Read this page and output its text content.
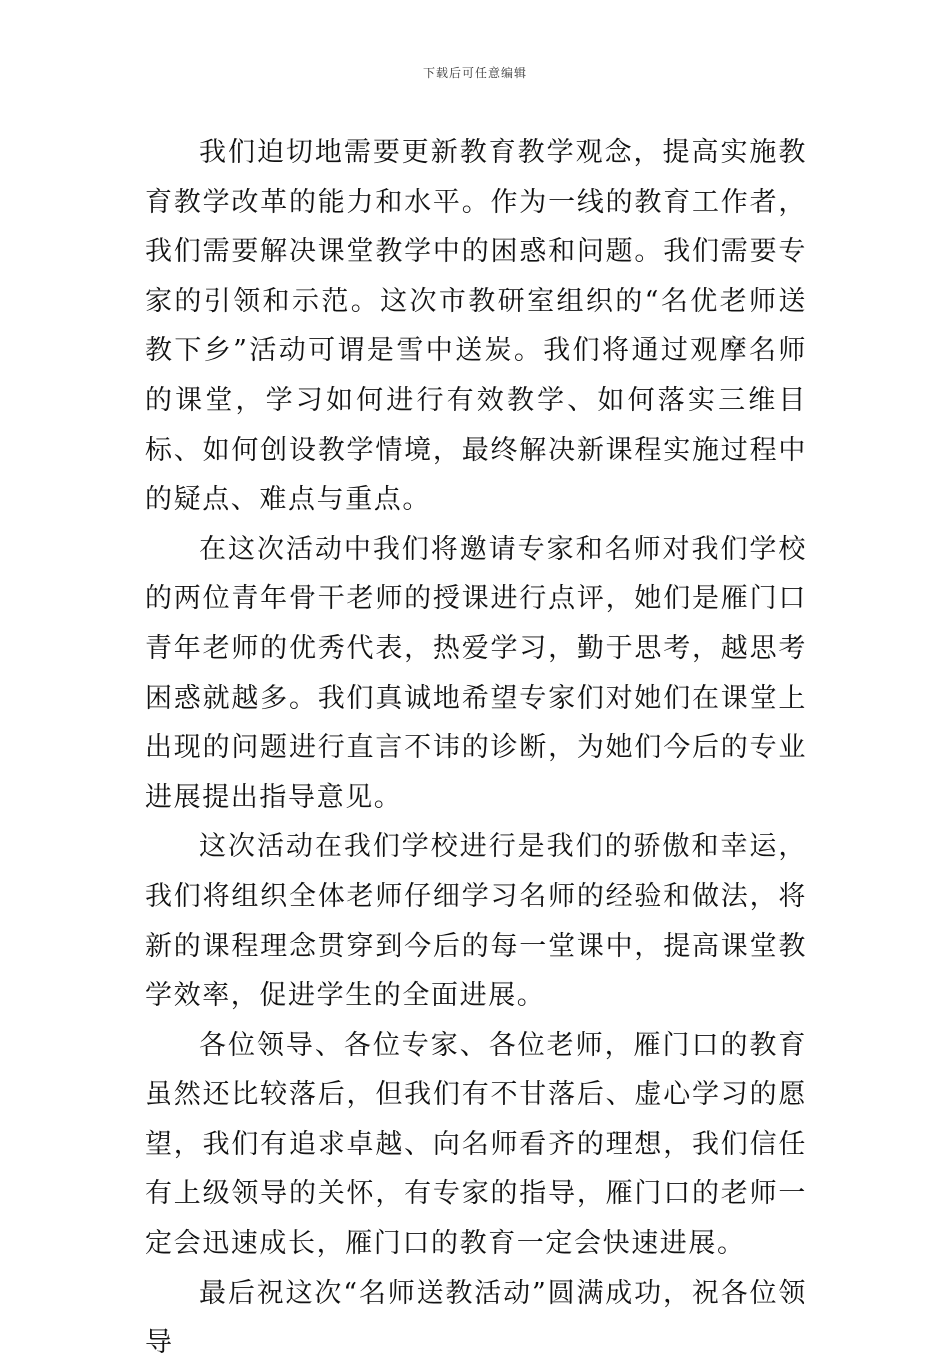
下载后可任意编辑

我们迫切地需要更新教育教学观念，提高实施教育教学改革的能力和水平。作为一线的教育工作者，我们需要解决课堂教学中的困惑和问题。我们需要专家的引领和示范。这次市教研室组织的“名优老师送教下乡”活动可谓是雪中送炭。我们将通过观摩名师的课堂，学习如何进行有效教学、如何落实三维目标、如何创设教学情境，最终解决新课程实施过程中的疑点、难点与重点。

在这次活动中我们将邀请专家和名师对我们学校的两位青年骨干老师的授课进行点评，她们是雁门口青年老师的优秀代表，热爱学习，勤于思考，越思考困惑就越多。我们真诚地希望专家们对她们在课堂上出现的问题进行直言不讳的诊断，为她们今后的专业进展提出指导意见。

这次活动在我们学校进行是我们的骄傲和幸运，我们将组织全体老师仔细学习名师的经验和做法，将新的课程理念贯穿到今后的每一堂课中，提高课堂教学效率，促进学生的全面进展。

各位领导、各位专家、各位老师，雁门口的教育虽然还比较落后，但我们有不甘落后、虚心学习的愿望，我们有追求卓越、向名师看齐的理想，我们信任有上级领导的关怀，有专家的指导，雁门口的老师一定会迅速成长，雁门口的教育一定会快速进展。

最后祝这次“名师送教活动”圆满成功，祝各位领导
